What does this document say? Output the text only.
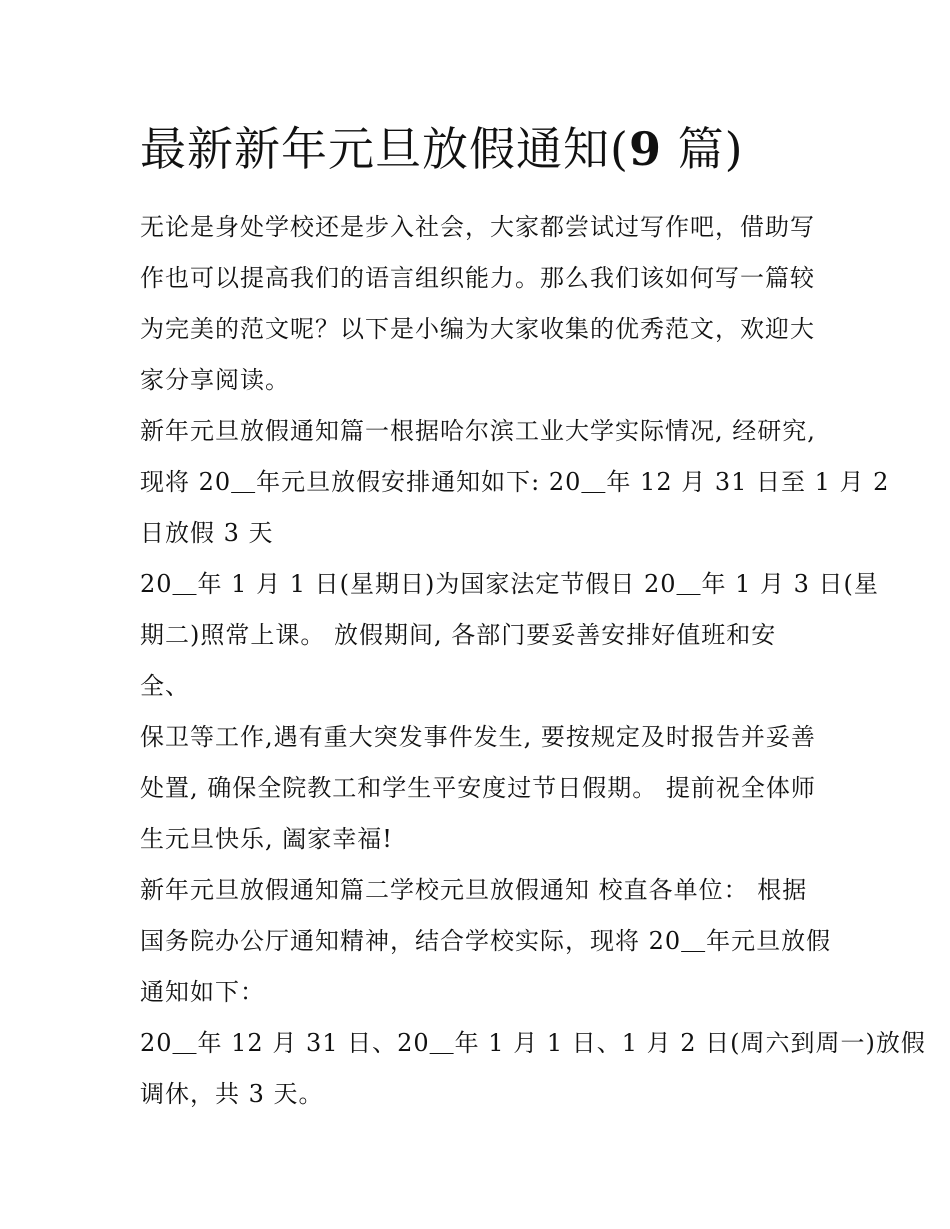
最新新年元旦放假通知(9 篇)
无论是身处学校还是步入社会，大家都尝试过写作吧，借助写
作也可以提高我们的语言组织能力。那么我们该如何写一篇较
为完美的范文呢？以下是小编为大家收集的优秀范文，欢迎大
家分享阅读。
新年元旦放假通知篇一根据哈尔滨工业大学实际情况, 经研究,
现将 20＿年元旦放假安排通知如下: 20＿年 12 月 31 日至 1 月 2
日放假 3 天
20＿年 1 月 1 日(星期日)为国家法定节假日 20＿年 1 月 3 日(星
期二)照常上课。 放假期间, 各部门要妥善安排好值班和安
全、
保卫等工作,遇有重大突发事件发生, 要按规定及时报告并妥善
处置, 确保全院教工和学生平安度过节日假期。 提前祝全体师
生元旦快乐, 阖家幸福!
新年元旦放假通知篇二学校元旦放假通知 校直各单位： 根据
国务院办公厅通知精神，结合学校实际，现将 20＿年元旦放假
通知如下：
20＿年 12 月 31 日、20＿年 1 月 1 日、1 月 2 日(周六到周一)放假
调休，共 3 天。
